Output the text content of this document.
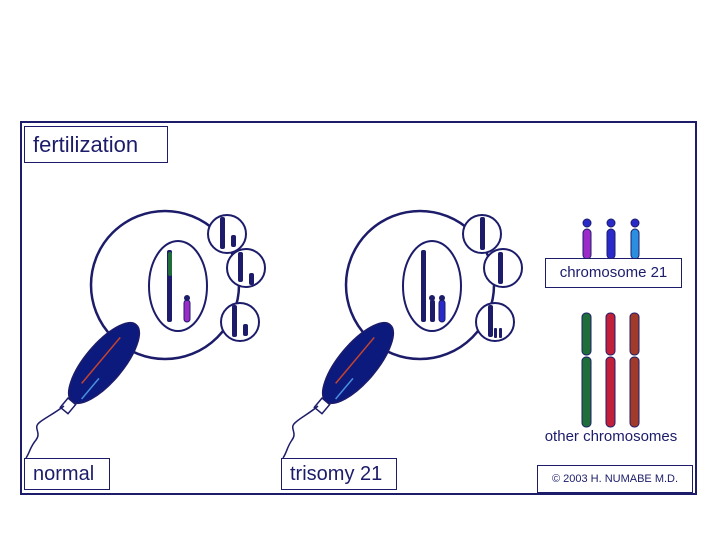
fertilization
normal	trisomy 21
chromosome 21
other chromosomes
© 2003 H. NUMABE M.D.
